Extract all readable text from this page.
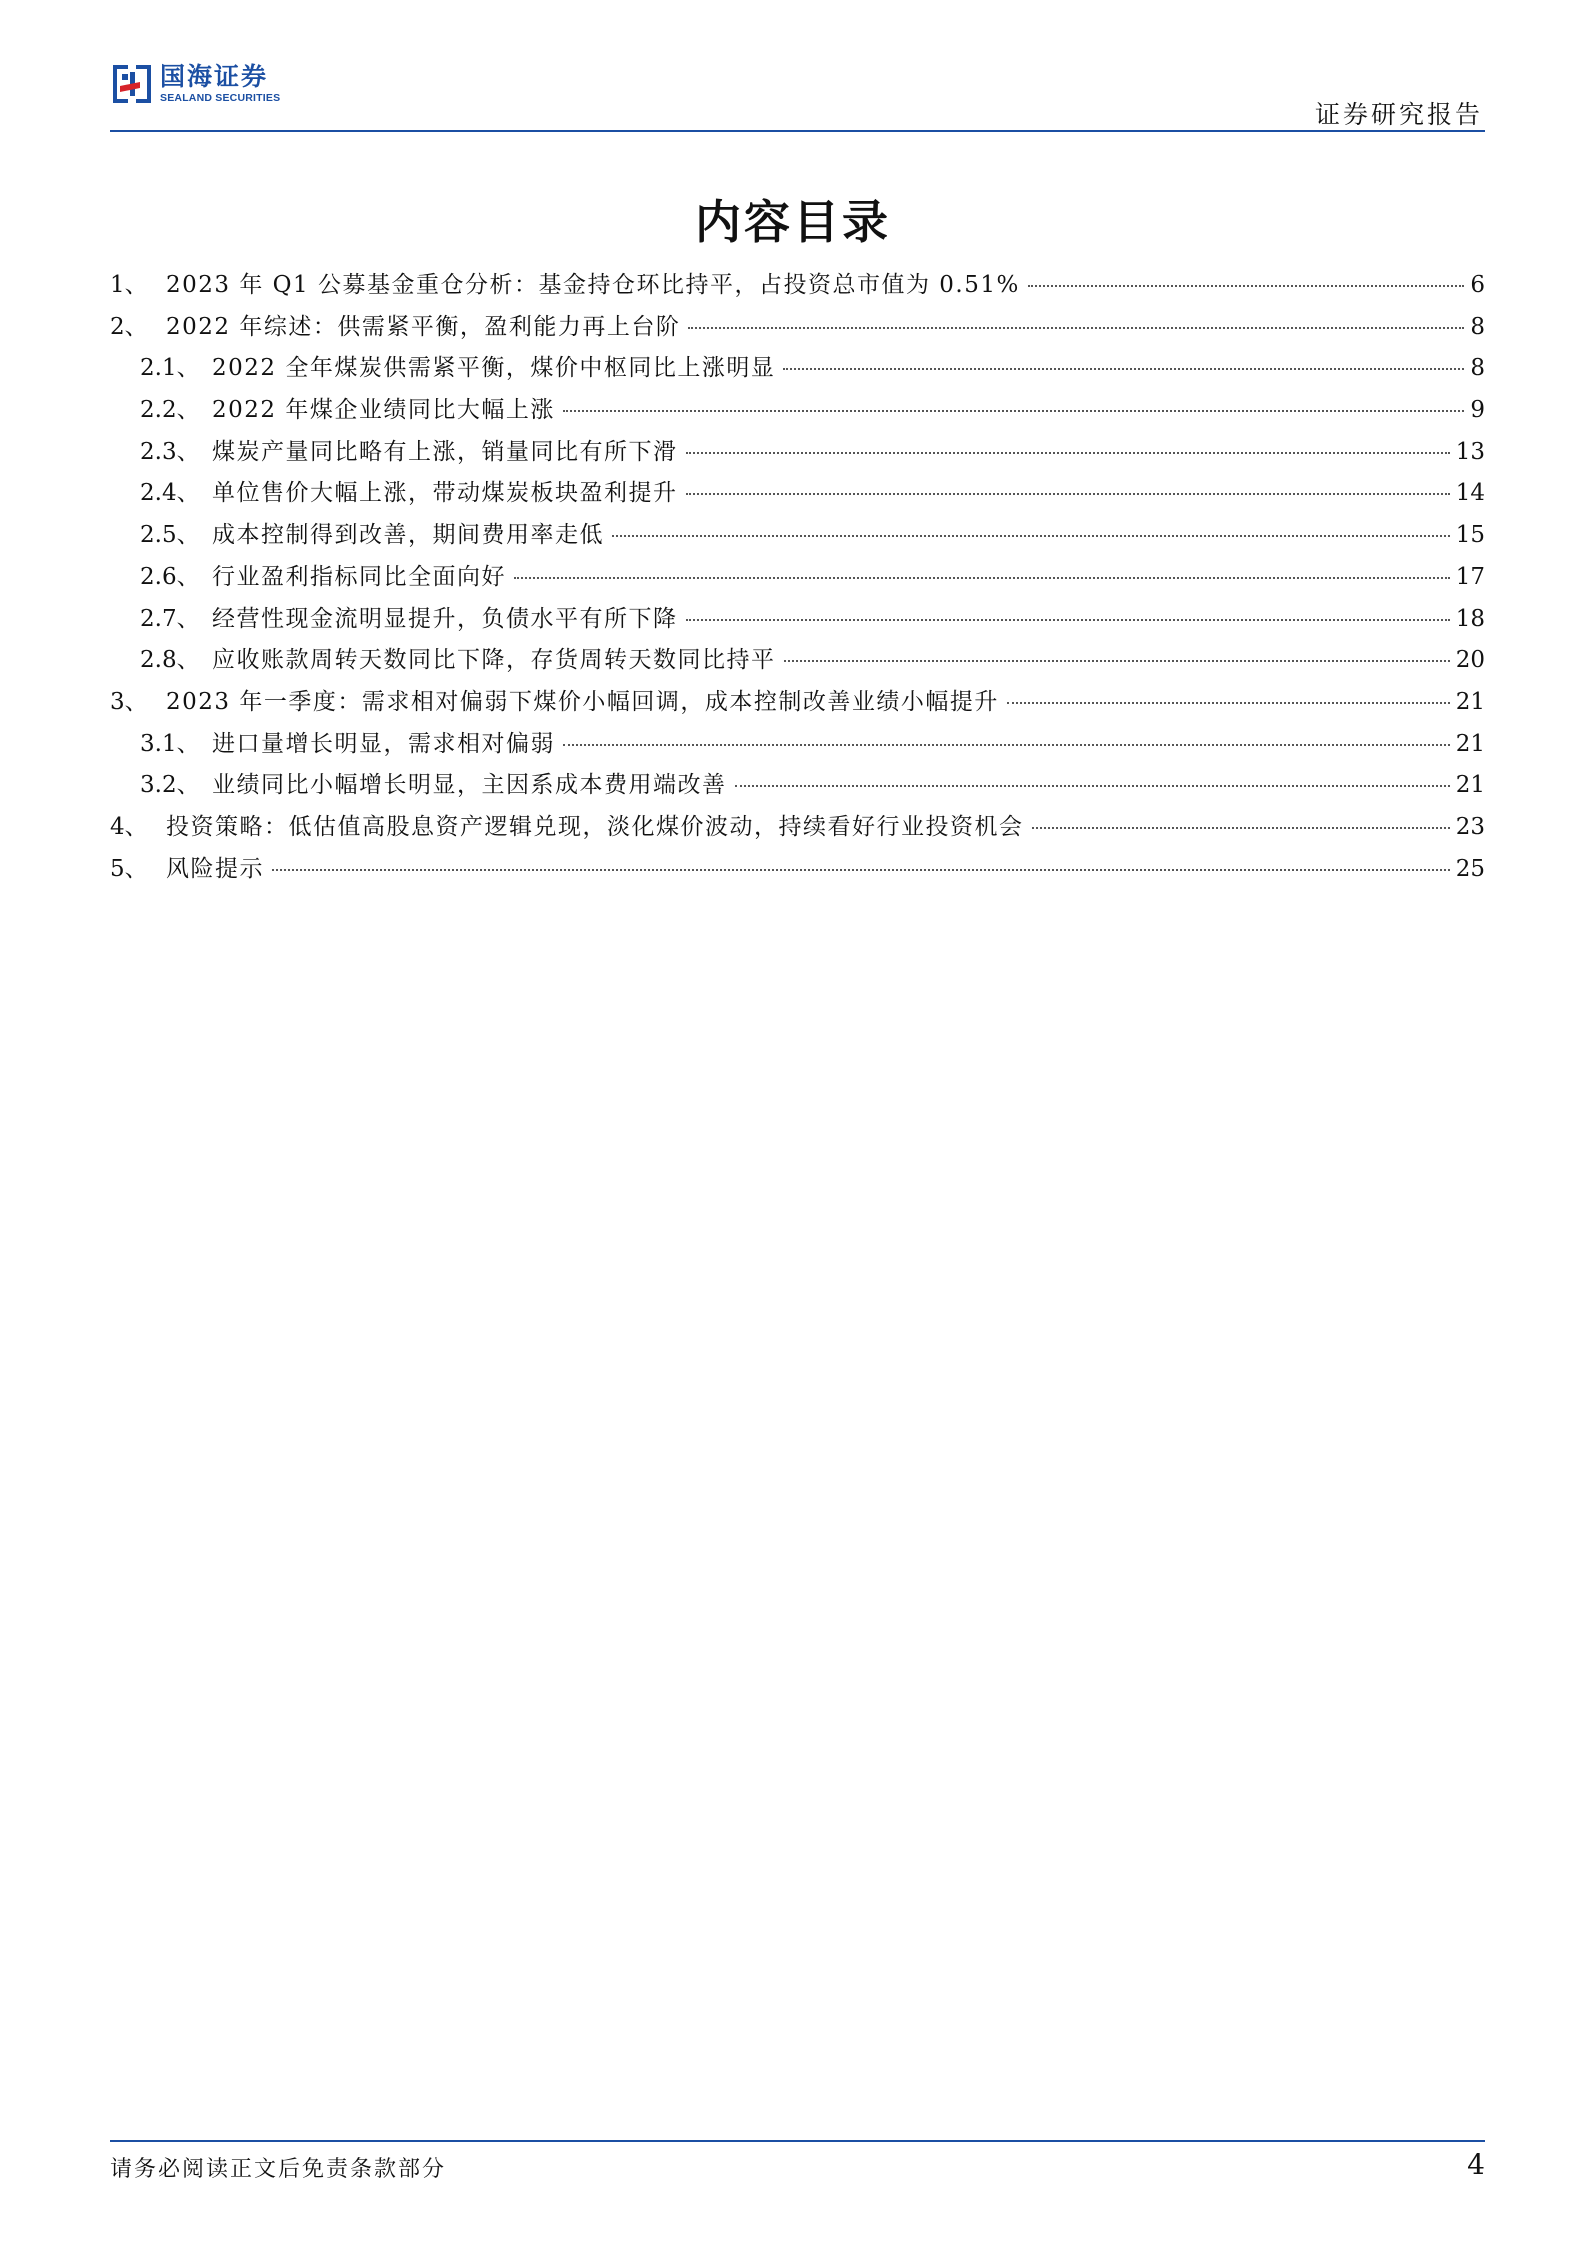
国海证券
SEALAND SECURITIES
证券研究报告
内容目录
1、 2023 年 Q1 公募基金重仓分析：基金持仓环比持平，占投资总市值为 0.51%	6
2、 2022 年综述：供需紧平衡，盈利能力再上台阶	8
2.1、 2022 全年煤炭供需紧平衡，煤价中枢同比上涨明显	8
2.2、 2022 年煤企业绩同比大幅上涨	9
2.3、 煤炭产量同比略有上涨，销量同比有所下滑	13
2.4、 单位售价大幅上涨，带动煤炭板块盈利提升	14
2.5、 成本控制得到改善，期间费用率走低	15
2.6、 行业盈利指标同比全面向好	17
2.7、 经营性现金流明显提升，负债水平有所下降	18
2.8、 应收账款周转天数同比下降，存货周转天数同比持平	20
3、 2023 年一季度：需求相对偏弱下煤价小幅回调，成本控制改善业绩小幅提升	21
3.1、 进口量增长明显，需求相对偏弱	21
3.2、 业绩同比小幅增长明显，主因系成本费用端改善	21
4、 投资策略：低估值高股息资产逻辑兑现，淡化煤价波动，持续看好行业投资机会	23
5、 风险提示	25
请务必阅读正文后免责条款部分	4
